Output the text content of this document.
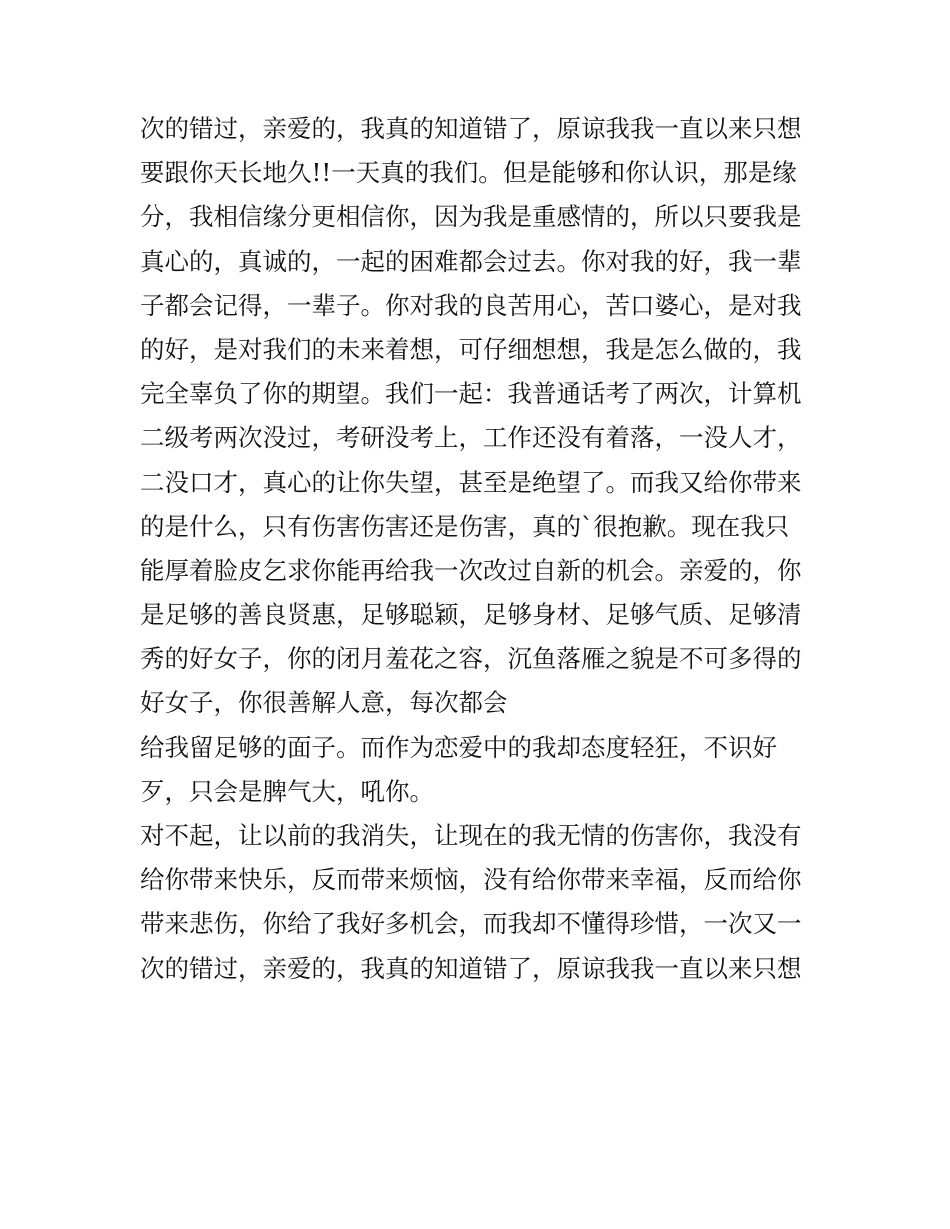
次的错过，亲爱的，我真的知道错了，原谅我我一直以来只想
要跟你天长地久!!一天真的我们。但是能够和你认识，那是缘
分，我相信缘分更相信你，因为我是重感情的，所以只要我是
真心的，真诚的，一起的困难都会过去。你对我的好，我一辈
子都会记得，一辈子。你对我的良苦用心，苦口婆心，是对我
的好，是对我们的未来着想，可仔细想想，我是怎么做的，我
完全辜负了你的期望。我们一起：我普通话考了两次，计算机
二级考两次没过，考研没考上，工作还没有着落，一没人才，
二没口才，真心的让你失望，甚至是绝望了。而我又给你带来
的是什么，只有伤害伤害还是伤害，真的`很抱歉。现在我只
能厚着脸皮乞求你能再给我一次改过自新的机会。亲爱的，你
是足够的善良贤惠，足够聪颖，足够身材、足够气质、足够清
秀的好女子，你的闭月羞花之容，沉鱼落雁之貌是不可多得的
好女子，你很善解人意，每次都会
给我留足够的面子。而作为恋爱中的我却态度轻狂，不识好
歹，只会是脾气大，吼你。
对不起，让以前的我消失，让现在的我无情的伤害你，我没有
给你带来快乐，反而带来烦恼，没有给你带来幸福，反而给你
带来悲伤，你给了我好多机会，而我却不懂得珍惜，一次又一
次的错过，亲爱的，我真的知道错了，原谅我我一直以来只想
